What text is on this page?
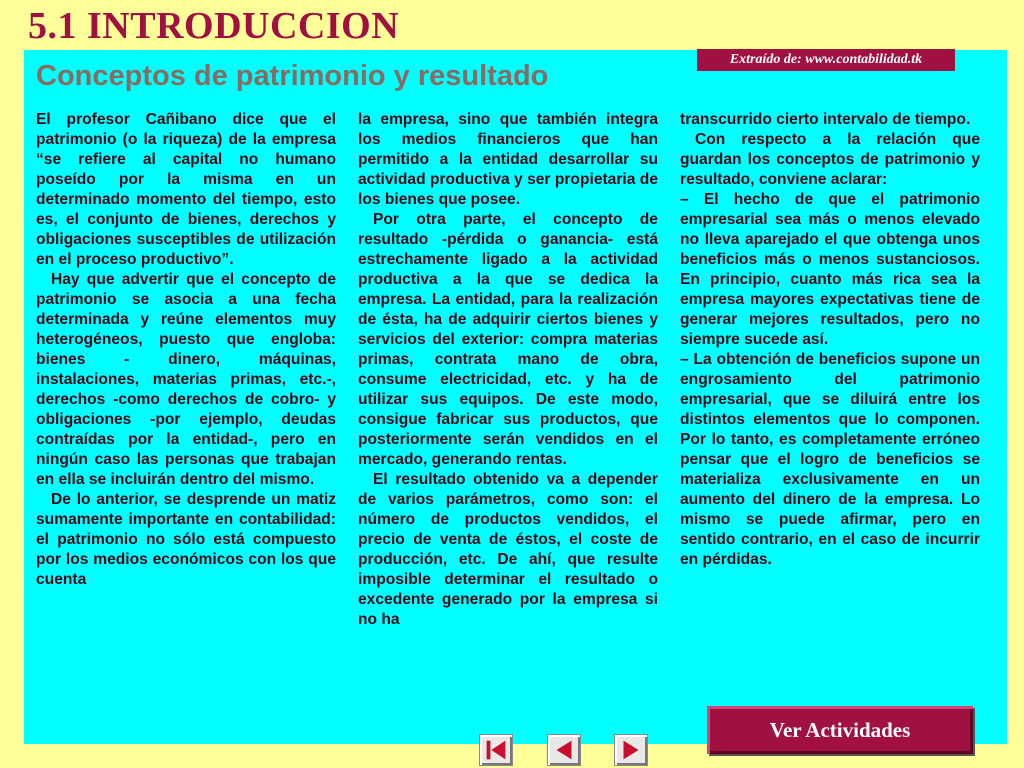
5.1 INTRODUCCION
Extraído de: www.contabilidad.tk
Conceptos de patrimonio y resultado

El profesor Cañibano dice que el patrimonio (o la riqueza) de la empresa “se refiere al capital no humano poseído por la misma en un determinado momento del tiempo, esto es, el conjunto de bienes, derechos y obligaciones susceptibles de utilización en el proceso productivo”.

Hay que advertir que el concepto de patrimonio se asocia a una fecha determinada y reúne elementos muy heterogéneos, puesto que engloba: bienes - dinero, máquinas, instalaciones, materias primas, etc.-, derechos -como derechos de cobro- y obligaciones -por ejemplo, deudas contraídas por la entidad-, pero en ningún caso las personas que trabajan en ella se incluirán dentro del mismo.

De lo anterior, se desprende un matiz sumamente importante en contabilidad: el patrimonio no sólo está compuesto por los medios económicos con los que cuenta

la empresa, sino que también integra los medios financieros que han permitido a la entidad desarrollar su actividad productiva y ser propietaria de los bienes que posee.

Por otra parte, el concepto de resultado -pérdida o ganancia- está estrechamente ligado a la actividad productiva a la que se dedica la empresa. La entidad, para la realización de ésta, ha de adquirir ciertos bienes y servicios del exterior: compra materias primas, contrata mano de obra, consume electricidad, etc. y ha de utilizar sus equipos. De este modo, consigue fabricar sus productos, que posteriormente serán vendidos en el mercado, generando rentas.

El resultado obtenido va a depender de varios parámetros, como son: el número de productos vendidos, el precio de venta de éstos, el coste de producción, etc. De ahí, que resulte imposible determinar el resultado o excedente generado por la empresa si no ha

transcurrido cierto intervalo de tiempo.

Con respecto a la relación que guardan los conceptos de patrimonio y resultado, conviene aclarar:

– El hecho de que el patrimonio empresarial sea más o menos elevado no lleva aparejado el que obtenga unos beneficios más o menos sustanciosos. En principio, cuanto más rica sea la empresa mayores expectativas tiene de generar mejores resultados, pero no siempre sucede así.

– La obtención de beneficios supone un engrosamiento del patrimonio empresarial, que se diluirá entre los distintos elementos que lo componen. Por lo tanto, es completamente erróneo pensar que el logro de beneficios se materializa exclusivamente en un aumento del dinero de la empresa. Lo mismo se puede afirmar, pero en sentido contrario, en el caso de incurrir en pérdidas.

Ver Actividades
